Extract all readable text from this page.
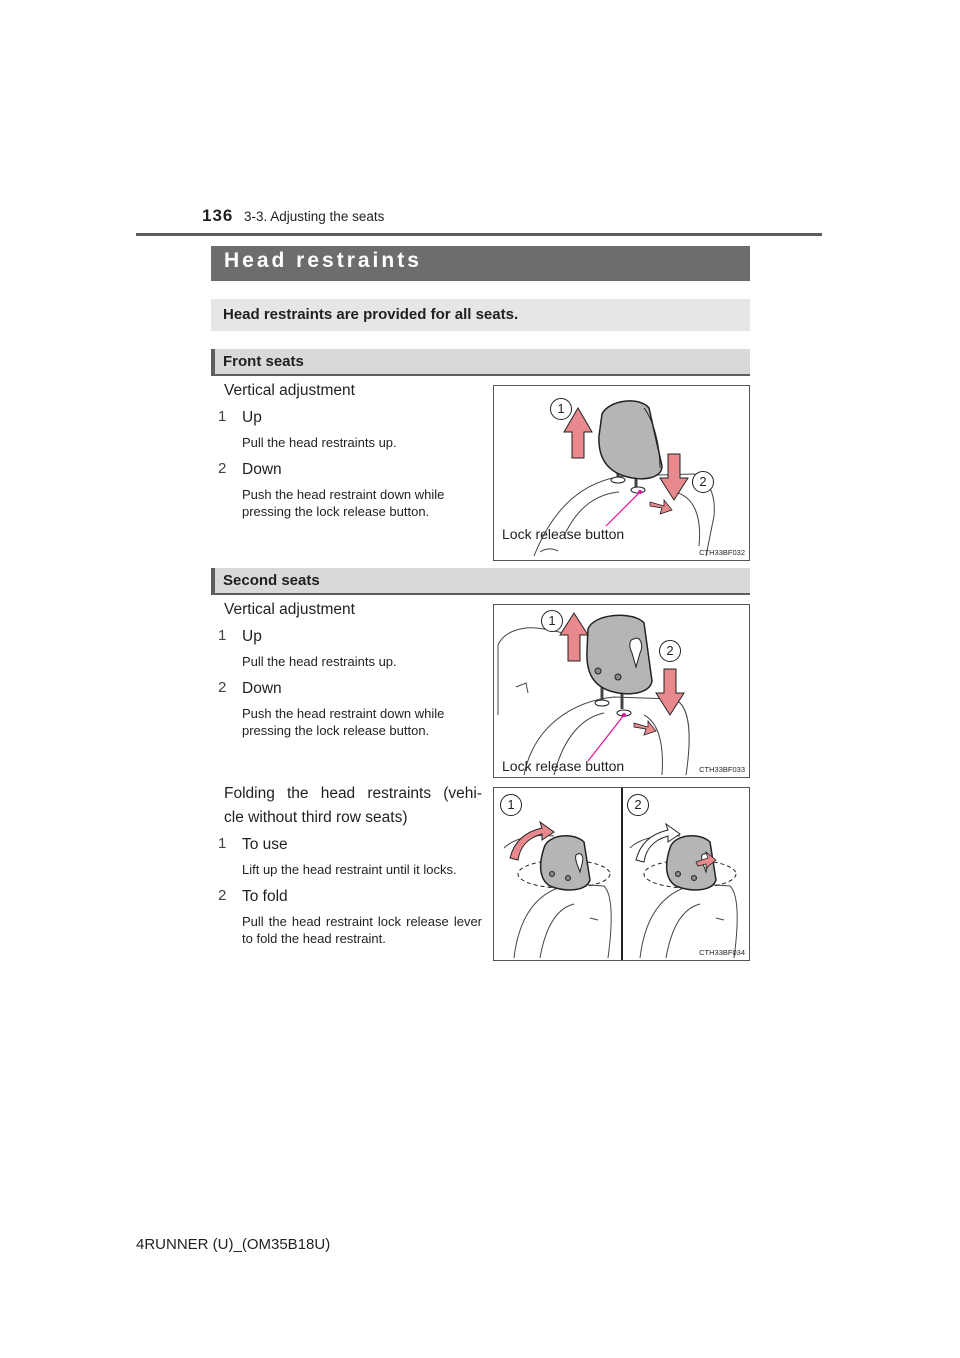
136 3-3. Adjusting the seats
Head restraints
Head restraints are provided for all seats.
Front seats
Vertical adjustment
1 Up
Pull the head restraints up.
2 Down
Push the head restraint down while pressing the lock release button.
1
2
Lock release button
CTH33BF032
Second seats
Vertical adjustment
1 Up
Pull the head restraints up.
2 Down
Push the head restraint down while pressing the lock release button.
1
2
Lock release button	CTH33BF033
Folding the head restraints (vehi-
cle without third row seats)
1 To use
Lift up the head restraint until it locks.
2 To fold
Pull the head restraint lock release lever to fold the head restraint.
1	2
CTH33BF034
4RUNNER (U)_(OM35B18U)
